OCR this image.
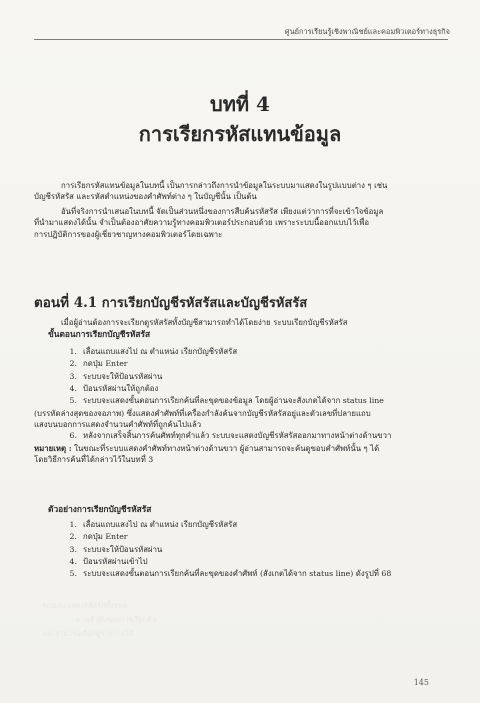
ศูนย์การเรียนรู้เชิงพาณิชย์และคอมพิวเตอร์ทางธุรกิจ
บทที่ 4
การเรียกรหัสแทนข้อมูล
การเรียกรหัสแทนข้อมูลในบทนี้ เป็นการกล่าวถึงการนำข้อมูลในระบบมาแสดงในรูปแบบต่าง ๆ เช่น
บัญชีรหัสรัส และรหัสตำแหน่งของคำศัพท์ต่าง ๆ ในบัญชีนั้น เป็นต้น
อันที่จริงการนำเสนอในบทนี้ จัดเป็นส่วนหนึ่งของการสืบค้นรหัสรัส เพียงแต่ว่าการที่จะเข้าใจข้อมูล
ที่นำมาแสดงได้นั้น จำเป็นต้องอาศัยความรู้ทางคอมพิวเตอร์ประกอบด้วย เพราะระบบนี้ออกแบบไว้เพื่อ
การปฏิบัติการของผู้เชี่ยวชาญทางคอมพิวเตอร์โดยเฉพาะ
ตอนที่ 4.1 การเรียกบัญชีรหัสรัสและบัญชีรหัสรัส
เมื่อผู้อ่านต้องการจะเรียกดูรหัสรัสทั้งบัญชีสามารถทำได้โดยง่าย ระบบเรียกบัญชีรหัสรัส
ขั้นตอนการเรียกบัญชีรหัสรัส
1. เลื่อนแถบแสงไป ณ ตำแหน่ง เรียกบัญชีรหัสรัส
2. กดปุ่ม Enter
3. ระบบจะให้ป้อนรหัสผ่าน
4. ป้อนรหัสผ่านให้ถูกต้อง
5. ระบบจะแสดงขั้นตอนการเรียกค้นที่ละขุดของข้อมูล โดยผู้อ่านจะสังเกตได้จาก status line
(บรรทัดล่างสุดของจอภาพ) ซึ่งแสดงคำศัพท์ที่เครื่องกำลังค้นจากบัญชีรหัสรัสอยู่และตัวเลขที่ปลายแถบ
แสงบนบอกการแสดงจำนวนคำศัพท์ที่ถูกค้นไปแล้ว
6. หลังจากเสร็จสิ้นการค้นศัพท์ทุกคำแล้ว ระบบจะแสดงบัญชีรหัสรัสออกมาทางหน้าต่างด้านขวา
หมายเหตุ : ในขณะที่ระบบแสดงคำศัพท์ทางหน้าต่างด้านขวา ผู้อ่านสามารถจะค้นดูขอบคำศัพท์นั้น ๆ ได้
โดยวิธีการค้นที่ได้กล่าวไว้ในบทที่ 3
ตัวอย่างการเรียกบัญชีรหัสรัส
1. เลื่อนแถบแสงไป ณ ตำแหน่ง เรียกบัญชีรหัสรัส
2. กดปุ่ม Enter
3. ระบบจะให้ป้อนรหัสผ่าน
4. ป้อนรหัสผ่านเข้าไป
5. ระบบจะแสดงขั้นตอนการเรียกค้นที่ละขุดของคำศัพท์ (สังเกตได้จาก status line) ดังรูปที่ 68
ระบบจะแสดงรหัสรัสทั้งหมด
ตามลำดับของการเรียกค้น
และสามารถเลือกดูรายการได้
145
